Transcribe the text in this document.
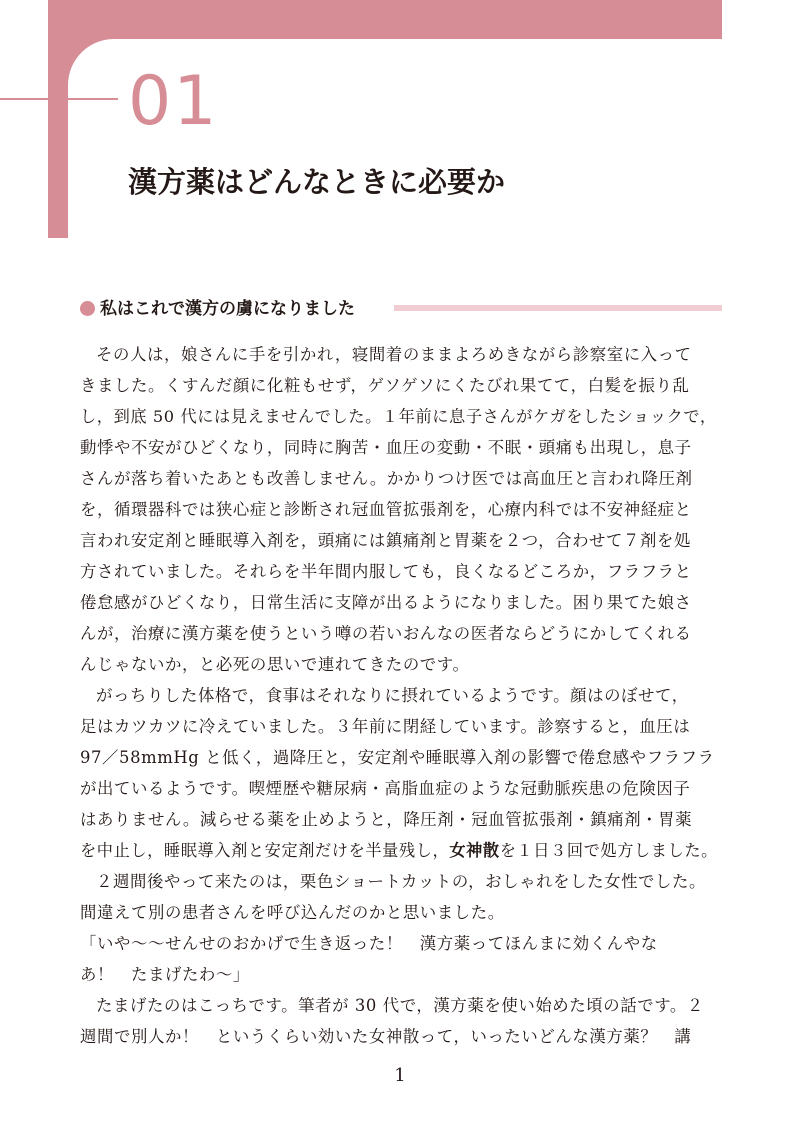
01
漢方薬はどんなときに必要か
私はこれで漢方の虜になりました
その人は，娘さんに手を引かれ，寝間着のままよろめきながら診察室に入って
きました。くすんだ顔に化粧もせず，ゲソゲソにくたびれ果てて，白髪を振り乱
し，到底 50 代には見えませんでした。１年前に息子さんがケガをしたショックで，
動悸や不安がひどくなり，同時に胸苦・血圧の変動・不眠・頭痛も出現し，息子
さんが落ち着いたあとも改善しません。かかりつけ医では高血圧と言われ降圧剤
を，循環器科では狭心症と診断され冠血管拡張剤を，心療内科では不安神経症と
言われ安定剤と睡眠導入剤を，頭痛には鎮痛剤と胃薬を２つ，合わせて７剤を処
方されていました。それらを半年間内服しても，良くなるどころか，フラフラと
倦怠感がひどくなり，日常生活に支障が出るようになりました。困り果てた娘さ
んが，治療に漢方薬を使うという噂の若いおんなの医者ならどうにかしてくれる
んじゃないか，と必死の思いで連れてきたのです。
がっちりした体格で，食事はそれなりに摂れているようです。顔はのぼせて，
足はカツカツに冷えていました。３年前に閉経しています。診察すると，血圧は
97／58mmHg と低く，過降圧と，安定剤や睡眠導入剤の影響で倦怠感やフラフラ
が出ているようです。喫煙歴や糖尿病・高脂血症のような冠動脈疾患の危険因子
はありません。減らせる薬を止めようと，降圧剤・冠血管拡張剤・鎮痛剤・胃薬
を中止し，睡眠導入剤と安定剤だけを半量残し，女神散を１日３回で処方しました。
２週間後やって来たのは，栗色ショートカットの，おしゃれをした女性でした。
間違えて別の患者さんを呼び込んだのかと思いました。
「いや〜〜せんせのおかげで生き返った！　漢方薬ってほんまに効くんやな
あ！　たまげたわ〜」
たまげたのはこっちです。筆者が 30 代で，漢方薬を使い始めた頃の話です。２
週間で別人か！　というくらい効いた女神散って，いったいどんな漢方薬？　講
1
